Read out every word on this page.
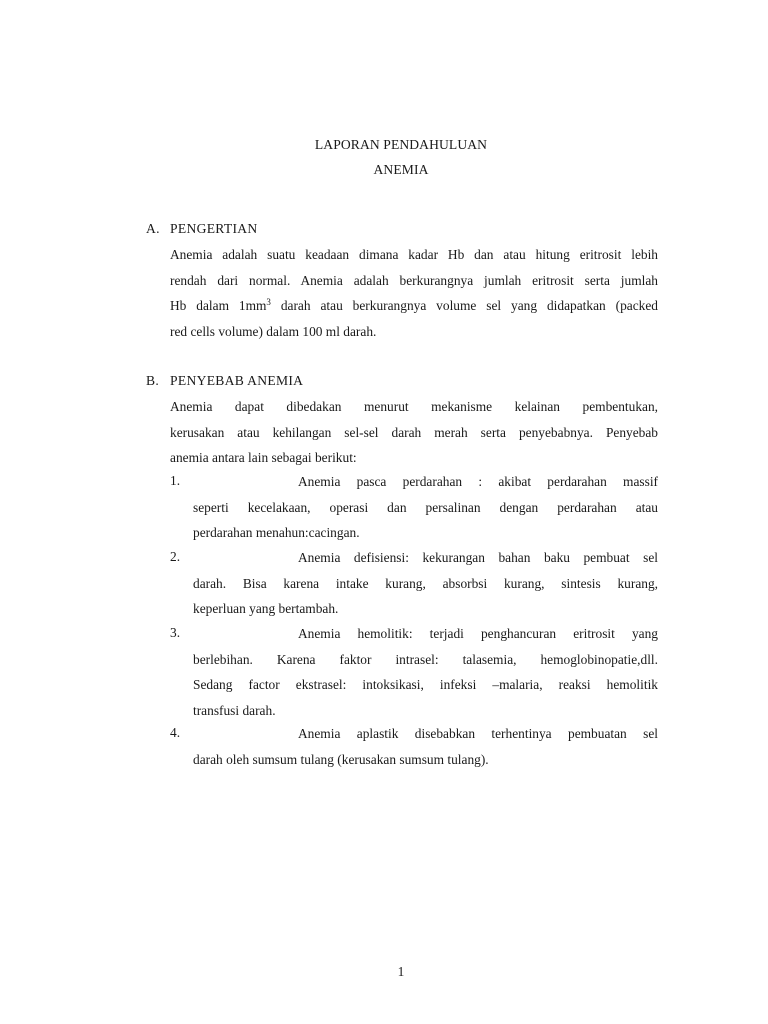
LAPORAN PENDAHULUAN
ANEMIA
A. PENGERTIAN
Anemia adalah suatu keadaan dimana kadar Hb dan atau hitung eritrosit lebih
rendah dari normal. Anemia adalah berkurangnya jumlah eritrosit serta jumlah
Hb dalam $1mm^3$ darah atau berkurangnya volume sel yang didapatkan (packed
red cells volume) dalam 100 ml darah.
B. PENYEBAB ANEMIA
Anemia dapat dibedakan menurut mekanisme kelainan pembentukan,
kerusakan atau kehilangan sel-sel darah merah serta penyebabnya. Penyebab
anemia antara lain sebagai berikut:
1.	Anemia pasca perdarahan : akibat perdarahan massif
seperti kecelakaan, operasi dan persalinan dengan perdarahan atau
perdarahan menahun:cacingan.
2.	Anemia defisiensi: kekurangan bahan baku pembuat sel
darah. Bisa karena intake kurang, absorbsi kurang, sintesis kurang,
keperluan yang bertambah.
3.	Anemia hemolitik: terjadi penghancuran eritrosit yang
berlebihan. Karena faktor intrasel: talasemia, hemoglobinopatie,dll.
Sedang factor ekstrasel: intoksikasi, infeksi –malaria, reaksi hemolitik
transfusi darah.
4.	Anemia aplastik disebabkan terhentinya pembuatan sel
darah oleh sumsum tulang (kerusakan sumsum tulang).
1
